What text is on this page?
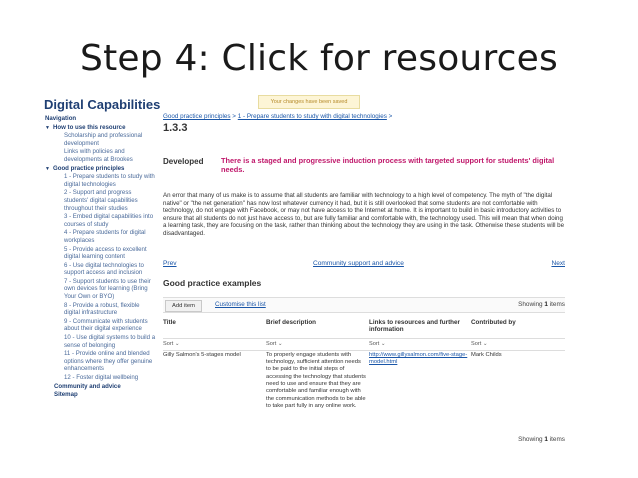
Step 4: Click for resources
Digital Capabilities	Your changes have been saved
Navigation
▼ How to use this resource
Scholarship and professional development
Links with policies and developments at Brookes
▼ Good practice principles
1 - Prepare students to study with digital technologies
2 - Support and progress students' digital capabilities throughout their studies
3 - Embed digital capabilities into courses of study
4 - Prepare students for digital workplaces
5 - Provide access to excellent digital learning content
6 - Use digital technologies to support access and inclusion
7 - Support students to use their own devices for learning (Bring Your Own or BYO)
8 - Provide a robust, flexible digital infrastructure
9 - Communicate with students about their digital experience
10 - Use digital systems to build a sense of belonging
11 - Provide online and blended options where they offer genuine enhancements
12 - Foster digital wellbeing
Community and advice
Sitemap
Good practice principles > 1 - Prepare students to study with digital technologies >
1.3.3
Developed There is a staged and progressive induction process with targeted support for students' digital needs.
An error that many of us make is to assume that all students are familiar with technology to a high level of competency. The myth of "the digital native" or "the net generation" has now lost whatever currency it had, but it is still overlooked that some students are not comfortable with technology, do not engage with Facebook, or may not have access to the Internet at home. It is important to build in basic introductory activities to ensure that all students do not just have access to, but are fully familiar and comfortable with, the technology used. This will mean that when doing a learning task, they are focusing on the task, rather than thinking about the technology they are using in the task. Otherwise these students will be disadvantaged.
Prev	Community support and advice	Next
Good practice examples
Add item	Customise this list	Showing 1 items
Title	Brief description	Links to resources and further information	Contributed by
Sort ⌄	Sort ⌄	Sort ⌄	Sort ⌄
Gilly Salmon's 5-stages model	To properly engage students with technology, sufficient attention needs to be paid to the initial steps of accessing the technology that students need to use and ensure that they are comfortable and familiar enough with the communication methods to be able to take part fully in any online work.	http://www.gillysalmon.com/five-stage-model.html	Mark Childs
Showing 1 items
